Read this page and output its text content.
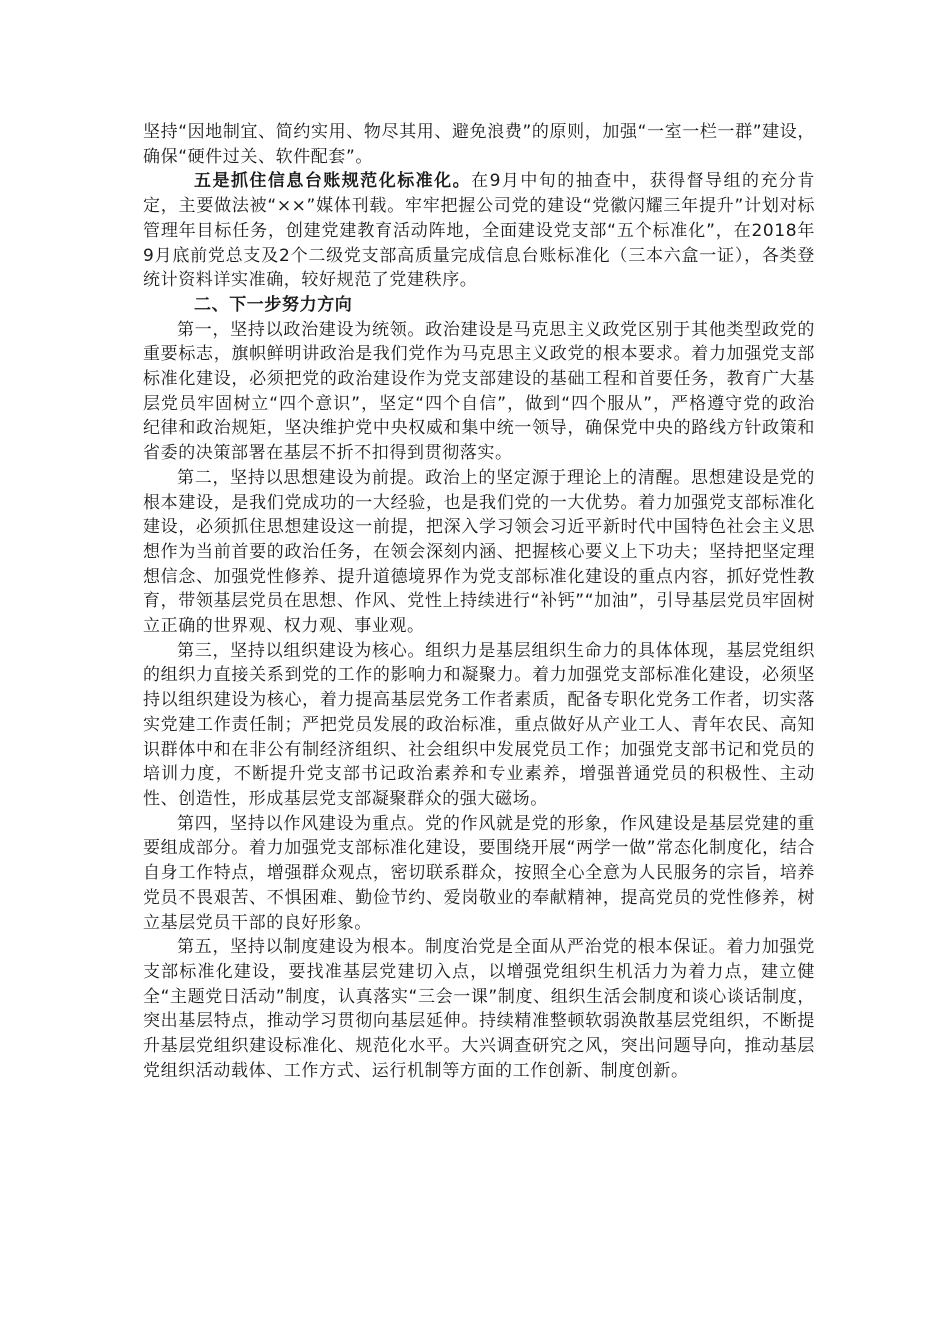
坚持“因地制宜、简约实用、物尽其用、避免浪费”的原则，加强“一室一栏一群”建设，确保“硬件过关、软件配套”。

五是抓住信息台账规范化标准化。在9月中旬的抽查中，获得督导组的充分肯定，主要做法被“××”媒体刊载。牢牢把握公司党的建设“党徽闪耀三年提升”计划对标管理年目标任务，创建党建教育活动阵地，全面建设党支部“五个标准化”，在2018年9月底前党总支及2个二级党支部高质量完成信息台账标准化（三本六盒一证），各类登统计资料详实准确，较好规范了党建秩序。

二、下一步努力方向

第一，坚持以政治建设为统领。政治建设是马克思主义政党区别于其他类型政党的重要标志，旗帜鲜明讲政治是我们党作为马克思主义政党的根本要求。着力加强党支部标准化建设，必须把党的政治建设作为党支部建设的基础工程和首要任务，教育广大基层党员牢固树立“四个意识”，坚定“四个自信”，做到“四个服从”，严格遵守党的政治纪律和政治规矩，坚决维护党中央权威和集中统一领导，确保党中央的路线方针政策和省委的决策部署在基层不折不扣得到贯彻落实。

第二，坚持以思想建设为前提。政治上的坚定源于理论上的清醒。思想建设是党的根本建设，是我们党成功的一大经验，也是我们党的一大优势。着力加强党支部标准化建设，必须抓住思想建设这一前提，把深入学习领会习近平新时代中国特色社会主义思想作为当前首要的政治任务，在领会深刻内涵、把握核心要义上下功夫；坚持把坚定理想信念、加强党性修养、提升道德境界作为党支部标准化建设的重点内容，抓好党性教育，带领基层党员在思想、作风、党性上持续进行“补钙”“加油”，引导基层党员牢固树立正确的世界观、权力观、事业观。

第三，坚持以组织建设为核心。组织力是基层组织生命力的具体体现，基层党组织的组织力直接关系到党的工作的影响力和凝聚力。着力加强党支部标准化建设，必须坚持以组织建设为核心，着力提高基层党务工作者素质，配备专职化党务工作者，切实落实党建工作责任制；严把党员发展的政治标准，重点做好从产业工人、青年农民、高知识群体中和在非公有制经济组织、社会组织中发展党员工作；加强党支部书记和党员的培训力度，不断提升党支部书记政治素养和专业素养，增强普通党员的积极性、主动性、创造性，形成基层党支部凝聚群众的强大磁场。

第四，坚持以作风建设为重点。党的作风就是党的形象，作风建设是基层党建的重要组成部分。着力加强党支部标准化建设，要围绕开展“两学一做”常态化制度化，结合自身工作特点，增强群众观点，密切联系群众，按照全心全意为人民服务的宗旨，培养党员不畏艰苦、不惧困难、勤俭节约、爱岗敬业的奉献精神，提高党员的党性修养，树立基层党员干部的良好形象。

第五，坚持以制度建设为根本。制度治党是全面从严治党的根本保证。着力加强党支部标准化建设，要找准基层党建切入点，以增强党组织生机活力为着力点，建立健全“主题党日活动”制度，认真落实“三会一课”制度、组织生活会制度和谈心谈话制度，突出基层特点，推动学习贯彻向基层延伸。持续精准整顿软弱涣散基层党组织，不断提升基层党组织建设标准化、规范化水平。大兴调查研究之风，突出问题导向，推动基层党组织活动载体、工作方式、运行机制等方面的工作创新、制度创新。
